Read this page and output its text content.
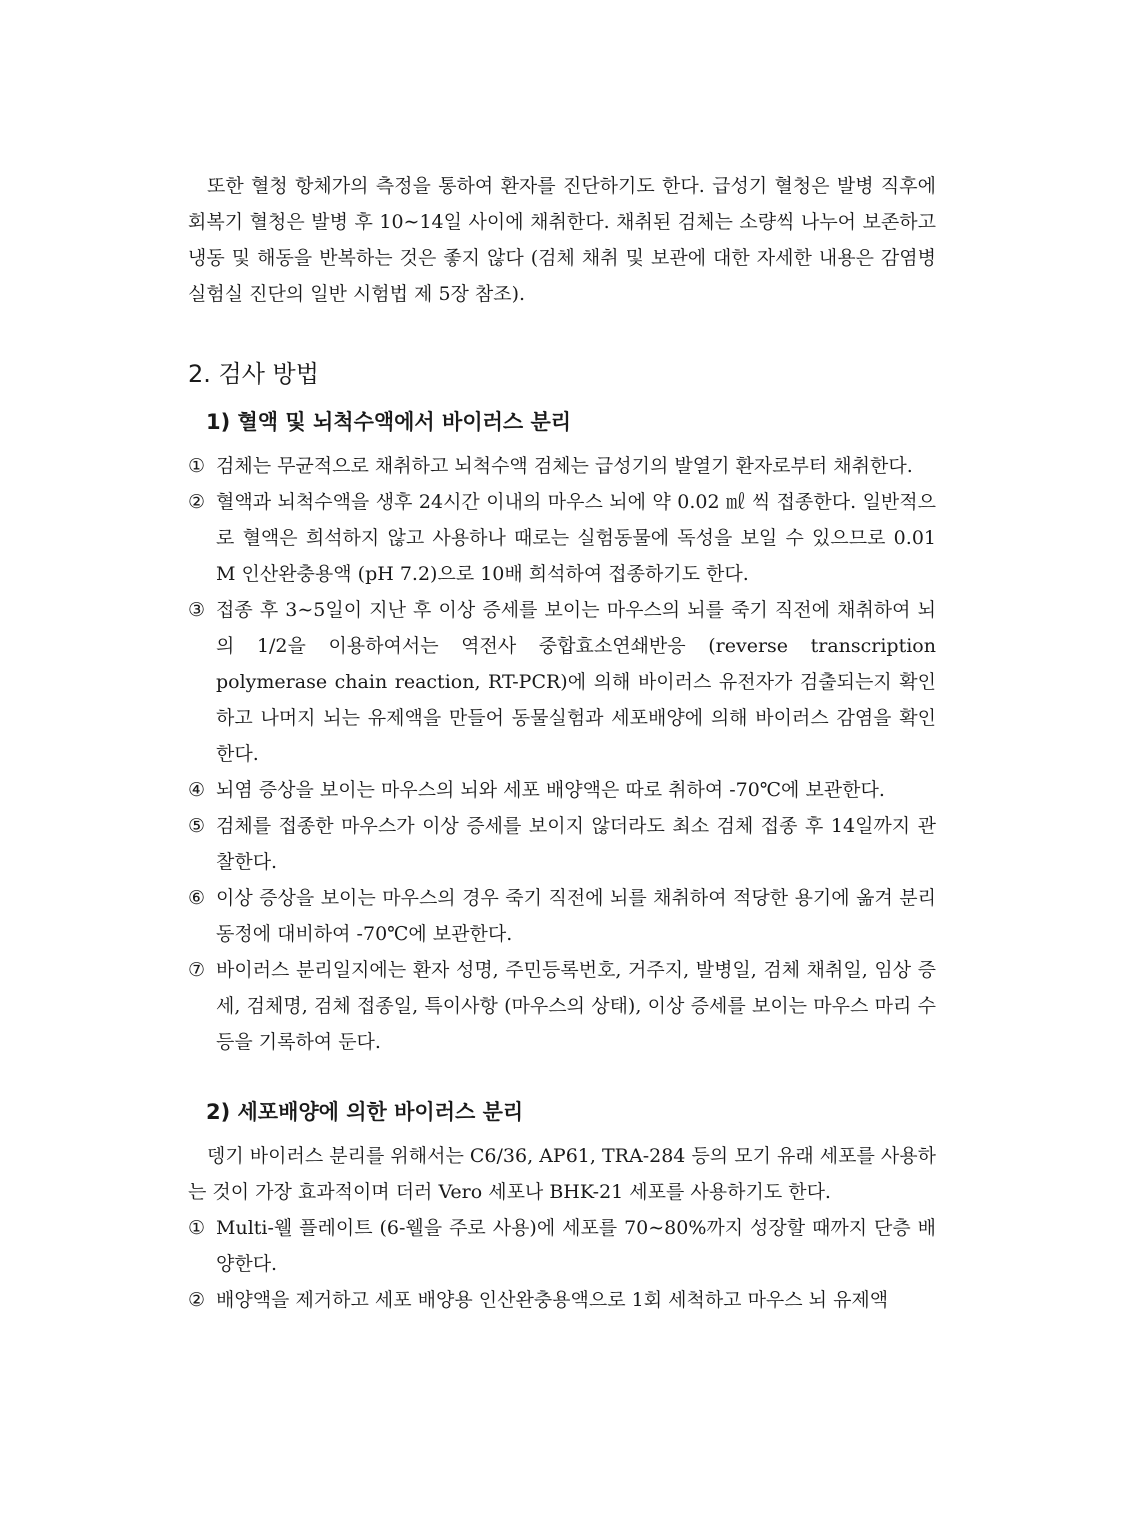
또한 혈청 항체가의 측정을 통하여 환자를 진단하기도 한다. 급성기 혈청은 발병 직후에 회복기 혈청은 발병 후 10∼14일 사이에 채취한다. 채취된 검체는 소량씩 나누어 보존하고 냉동 및 해동을 반복하는 것은 좋지 않다 (검체 채취 및 보관에 대한 자세한 내용은 감염병 실험실 진단의 일반 시험법 제 5장 참조).

2. 검사 방법
1) 혈액 및 뇌척수액에서 바이러스 분리
① 검체는 무균적으로 채취하고 뇌척수액 검체는 급성기의 발열기 환자로부터 채취한다.
② 혈액과 뇌척수액을 생후 24시간 이내의 마우스 뇌에 약 0.02 ㎖ 씩 접종한다. 일반적으로 혈액은 희석하지 않고 사용하나 때로는 실험동물에 독성을 보일 수 있으므로 0.01 M 인산완충용액 (pH 7.2)으로 10배 희석하여 접종하기도 한다.
③ 접종 후 3∼5일이 지난 후 이상 증세를 보이는 마우스의 뇌를 죽기 직전에 채취하여 뇌의 1/2을 이용하여서는 역전사 중합효소연쇄반응 (reverse transcription polymerase chain reaction, RT-PCR)에 의해 바이러스 유전자가 검출되는지 확인하고 나머지 뇌는 유제액을 만들어 동물실험과 세포배양에 의해 바이러스 감염을 확인한다.
④ 뇌염 증상을 보이는 마우스의 뇌와 세포 배양액은 따로 취하여 -70℃에 보관한다.
⑤ 검체를 접종한 마우스가 이상 증세를 보이지 않더라도 최소 검체 접종 후 14일까지 관찰한다.
⑥ 이상 증상을 보이는 마우스의 경우 죽기 직전에 뇌를 채취하여 적당한 용기에 옮겨 분리 동정에 대비하여 -70℃에 보관한다.
⑦ 바이러스 분리일지에는 환자 성명, 주민등록번호, 거주지, 발병일, 검체 채취일, 임상 증세, 검체명, 검체 접종일, 특이사항 (마우스의 상태), 이상 증세를 보이는 마우스 마리 수 등을 기록하여 둔다.
2) 세포배양에 의한 바이러스 분리

뎅기 바이러스 분리를 위해서는 C6/36, AP61, TRA-284 등의 모기 유래 세포를 사용하는 것이 가장 효과적이며 더러 Vero 세포나 BHK-21 세포를 사용하기도 한다.

① Multi-웰 플레이트 (6-웰을 주로 사용)에 세포를 70∼80%까지 성장할 때까지 단층 배양한다.
② 배양액을 제거하고 세포 배양용 인산완충용액으로 1회 세척하고 마우스 뇌 유제액
